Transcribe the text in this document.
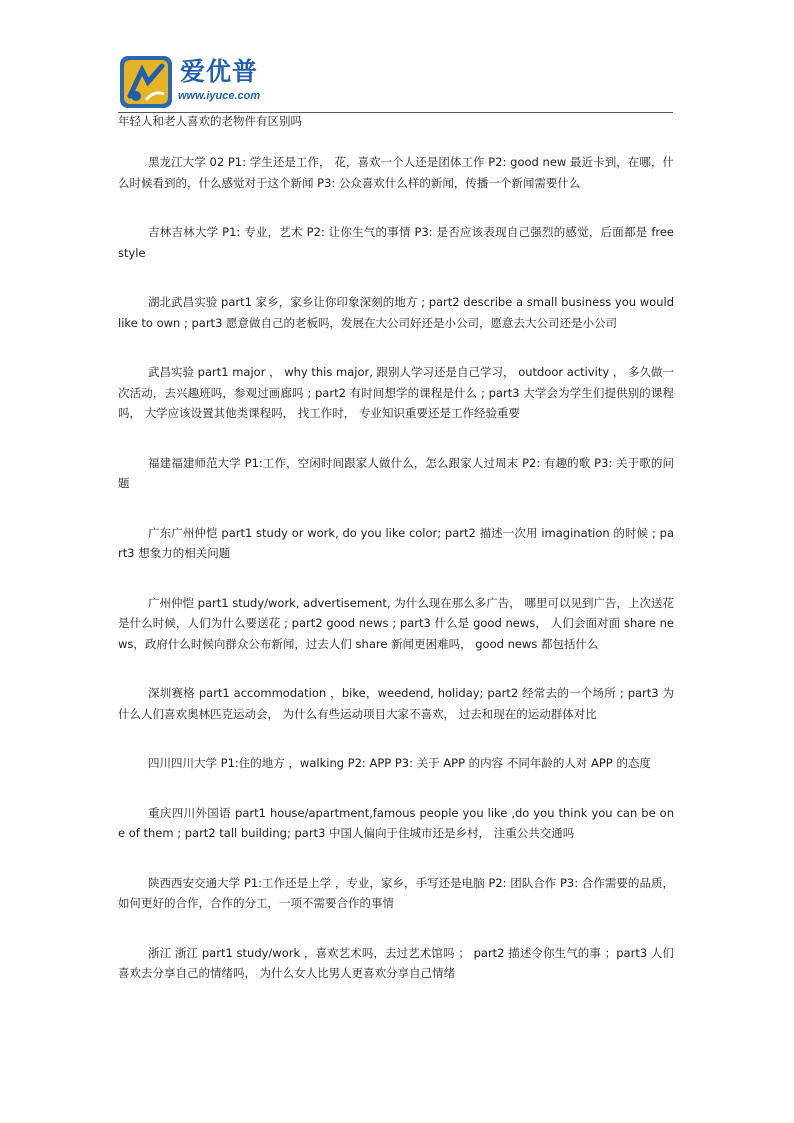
爱优普
www.iyuce.com
年轻人和老人喜欢的老物件有区别吗

黑龙江大学 02 P1: 学生还是工作， 花，喜欢一个人还是团体工作 P2: good new 最近卡到，在哪，什么时候看到的，什么感觉对于这个新闻 P3: 公众喜欢什么样的新闻，传播一个新闻需要什么

吉林吉林大学 P1: 专业，艺术 P2: 让你生气的事情 P3: 是否应该表现自己强烈的感觉，后面都是 free style

湖北武昌实验 part1 家乡，家乡让你印象深刻的地方 ; part2 describe a small business you would like to own ; part3 愿意做自己的老板吗，发展在大公司好还是小公司，愿意去大公司还是小公司

武昌实验 part1 major ， why this major, 跟别人学习还是自己学习， outdoor activity ， 多久做一次活动，去兴趣班吗，参观过画廊吗 ; part2 有时间想学的课程是什么 ; part3 大学会为学生们提供别的课程吗， 大学应该设置其他类课程吗， 找工作时， 专业知识重要还是工作经验重要

福建福建师范大学 P1:工作，空闲时间跟家人做什么，怎么跟家人过周末 P2: 有趣的歌 P3: 关于歌的问题

广东广州仲恺 part1 study or work, do you like color; part2 描述一次用 imagination 的时候 ; part3 想象力的相关问题

广州仲恺 part1 study/work, advertisement, 为什么现在那么多广告， 哪里可以见到广告，上次送花是什么时候，人们为什么要送花 ; part2 good news ; part3 什么是 good news， 人们会面对面 share news，政府什么时候向群众公布新闻，过去人们 share 新闻更困难吗， good news 都包括什么

深圳赛格 part1 accommodation ，bike，weedend, holiday; part2 经常去的一个场所 ; part3 为什么人们喜欢奥林匹克运动会， 为什么有些运动项目大家不喜欢， 过去和现在的运动群体对比

四川四川大学 P1:住的地方 ，walking P2: APP P3: 关于 APP 的内容 不同年龄的人对 APP 的态度

重庆四川外国语 part1 house/apartment,famous people you like ,do you think you can be one of them ; part2 tall building; part3 中国人偏向于住城市还是乡村， 注重公共交通吗

陕西西安交通大学 P1:工作还是上学 ，专业，家乡，手写还是电脑 P2: 团队合作 P3: 合作需要的品质，如何更好的合作，合作的分工，一项不需要合作的事情

浙江 浙江 part1 study/work ，喜欢艺术吗，去过艺术馆吗 ； part2 描述令你生气的事 ；part3 人们喜欢去分享自己的情绪吗， 为什么女人比男人更喜欢分享自己情绪
